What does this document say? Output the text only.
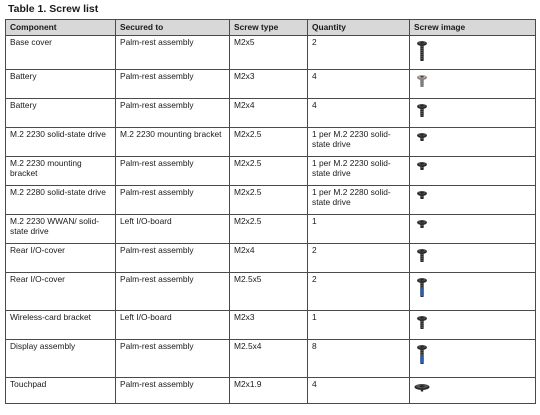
Table 1. Screw list
Component	Secured to	Screw type	Quantity	Screw image
Base cover	Palm-rest assembly	M2x5	2	

Battery	Palm-rest assembly	M2x3	4	

Battery	Palm-rest assembly	M2x4	4	

M.2 2230 solid-state drive	M.2 2230 mounting bracket	M2x2.5	1 per M.2 2230 solid-state drive	

M.2 2230 mounting bracket	Palm-rest assembly	M2x2.5	1 per M.2 2230 solid-state drive	

M.2 2280 solid-state drive	Palm-rest assembly	M2x2.5	1 per M.2 2280 solid-state drive	

M.2 2230 WWAN/ solid-state drive	Left I/O-board	M2x2.5	1	

Rear I/O-cover	Palm-rest assembly	M2x4	2	

Rear I/O-cover	Palm-rest assembly	M2.5x5	2	

Wireless-card bracket	Left I/O-board	M2x3	1	

Display assembly	Palm-rest assembly	M2.5x4	8	

Touchpad	Palm-rest assembly	M2x1.9	4	
